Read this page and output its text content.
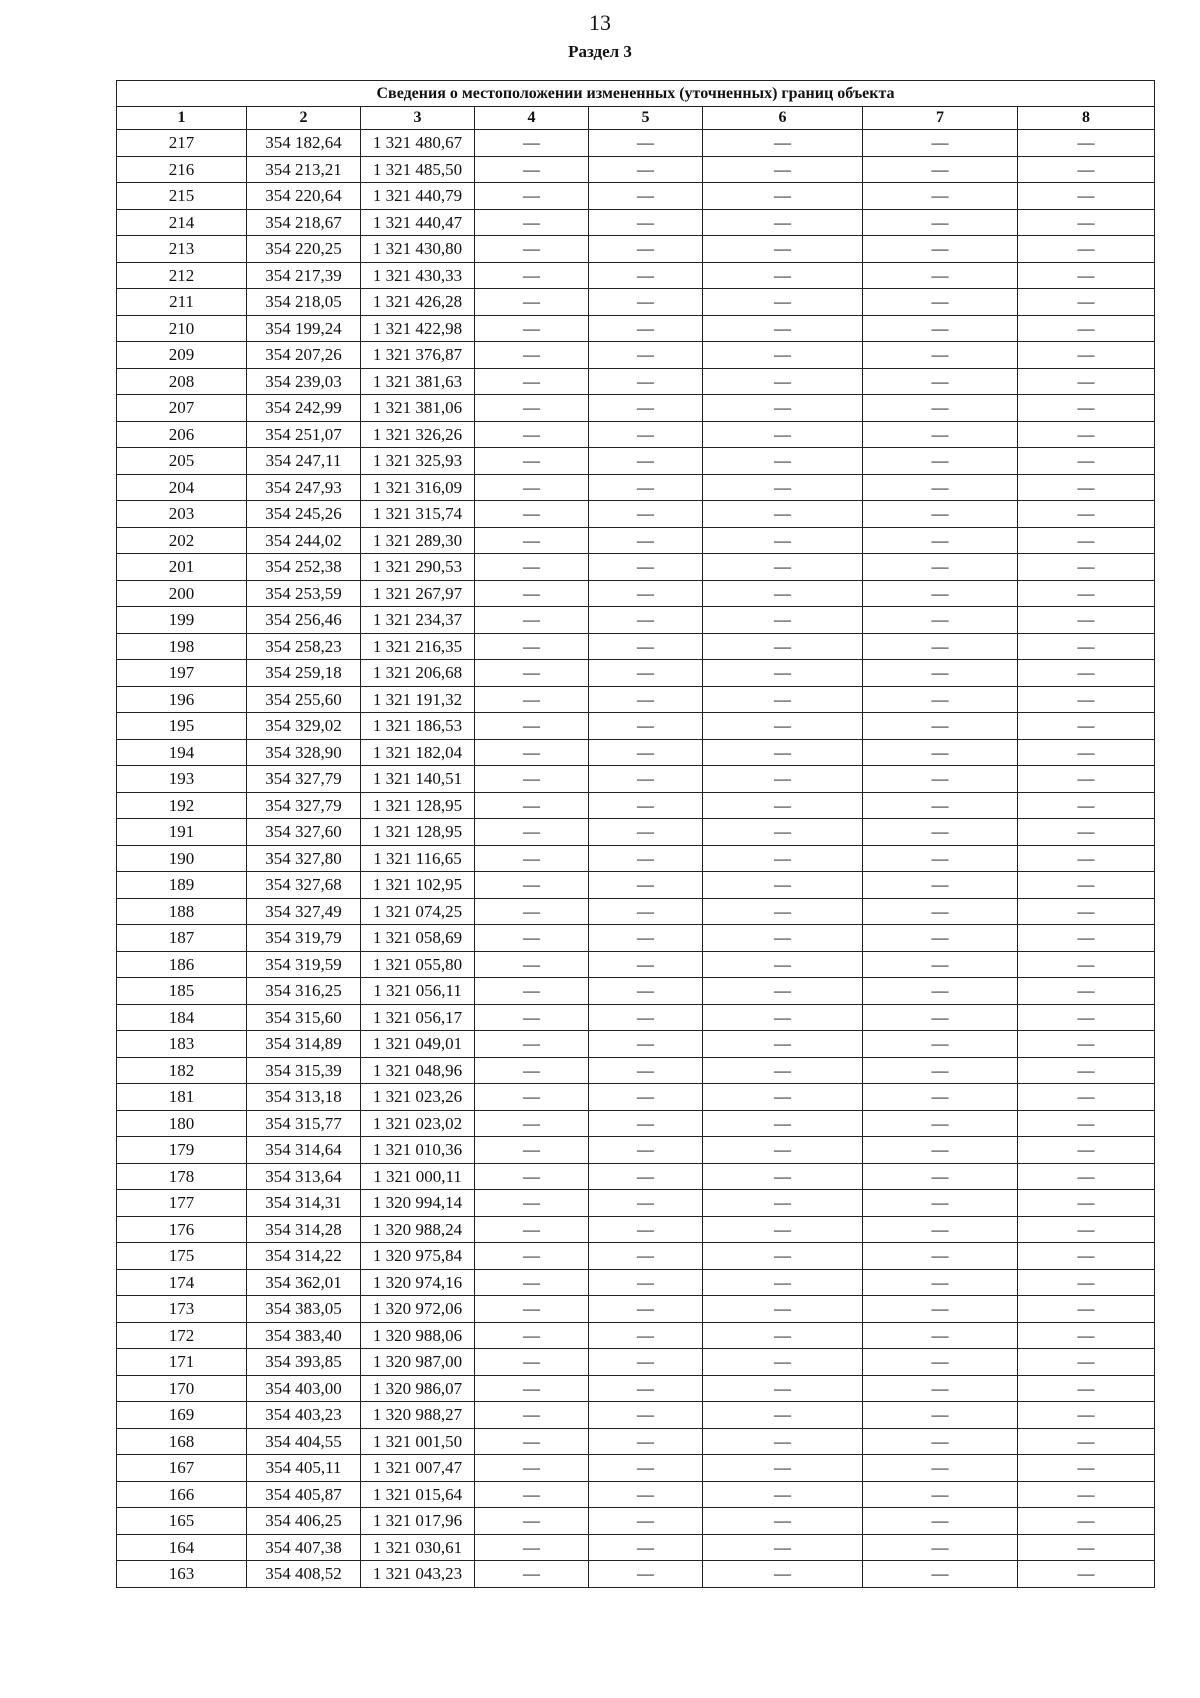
13
Раздел 3
Сведения о местоположении измененных (уточненных) границ объекта							
1	2	3	4	5	6	7	8
217	354 182,64	1 321 480,67	—	—	—	—	—
216	354 213,21	1 321 485,50	—	—	—	—	—
215	354 220,64	1 321 440,79	—	—	—	—	—
214	354 218,67	1 321 440,47	—	—	—	—	—
213	354 220,25	1 321 430,80	—	—	—	—	—
212	354 217,39	1 321 430,33	—	—	—	—	—
211	354 218,05	1 321 426,28	—	—	—	—	—
210	354 199,24	1 321 422,98	—	—	—	—	—
209	354 207,26	1 321 376,87	—	—	—	—	—
208	354 239,03	1 321 381,63	—	—	—	—	—
207	354 242,99	1 321 381,06	—	—	—	—	—
206	354 251,07	1 321 326,26	—	—	—	—	—
205	354 247,11	1 321 325,93	—	—	—	—	—
204	354 247,93	1 321 316,09	—	—	—	—	—
203	354 245,26	1 321 315,74	—	—	—	—	—
202	354 244,02	1 321 289,30	—	—	—	—	—
201	354 252,38	1 321 290,53	—	—	—	—	—
200	354 253,59	1 321 267,97	—	—	—	—	—
199	354 256,46	1 321 234,37	—	—	—	—	—
198	354 258,23	1 321 216,35	—	—	—	—	—
197	354 259,18	1 321 206,68	—	—	—	—	—
196	354 255,60	1 321 191,32	—	—	—	—	—
195	354 329,02	1 321 186,53	—	—	—	—	—
194	354 328,90	1 321 182,04	—	—	—	—	—
193	354 327,79	1 321 140,51	—	—	—	—	—
192	354 327,79	1 321 128,95	—	—	—	—	—
191	354 327,60	1 321 128,95	—	—	—	—	—
190	354 327,80	1 321 116,65	—	—	—	—	—
189	354 327,68	1 321 102,95	—	—	—	—	—
188	354 327,49	1 321 074,25	—	—	—	—	—
187	354 319,79	1 321 058,69	—	—	—	—	—
186	354 319,59	1 321 055,80	—	—	—	—	—
185	354 316,25	1 321 056,11	—	—	—	—	—
184	354 315,60	1 321 056,17	—	—	—	—	—
183	354 314,89	1 321 049,01	—	—	—	—	—
182	354 315,39	1 321 048,96	—	—	—	—	—
181	354 313,18	1 321 023,26	—	—	—	—	—
180	354 315,77	1 321 023,02	—	—	—	—	—
179	354 314,64	1 321 010,36	—	—	—	—	—
178	354 313,64	1 321 000,11	—	—	—	—	—
177	354 314,31	1 320 994,14	—	—	—	—	—
176	354 314,28	1 320 988,24	—	—	—	—	—
175	354 314,22	1 320 975,84	—	—	—	—	—
174	354 362,01	1 320 974,16	—	—	—	—	—
173	354 383,05	1 320 972,06	—	—	—	—	—
172	354 383,40	1 320 988,06	—	—	—	—	—
171	354 393,85	1 320 987,00	—	—	—	—	—
170	354 403,00	1 320 986,07	—	—	—	—	—
169	354 403,23	1 320 988,27	—	—	—	—	—
168	354 404,55	1 321 001,50	—	—	—	—	—
167	354 405,11	1 321 007,47	—	—	—	—	—
166	354 405,87	1 321 015,64	—	—	—	—	—
165	354 406,25	1 321 017,96	—	—	—	—	—
164	354 407,38	1 321 030,61	—	—	—	—	—
163	354 408,52	1 321 043,23	—	—	—	—	—
